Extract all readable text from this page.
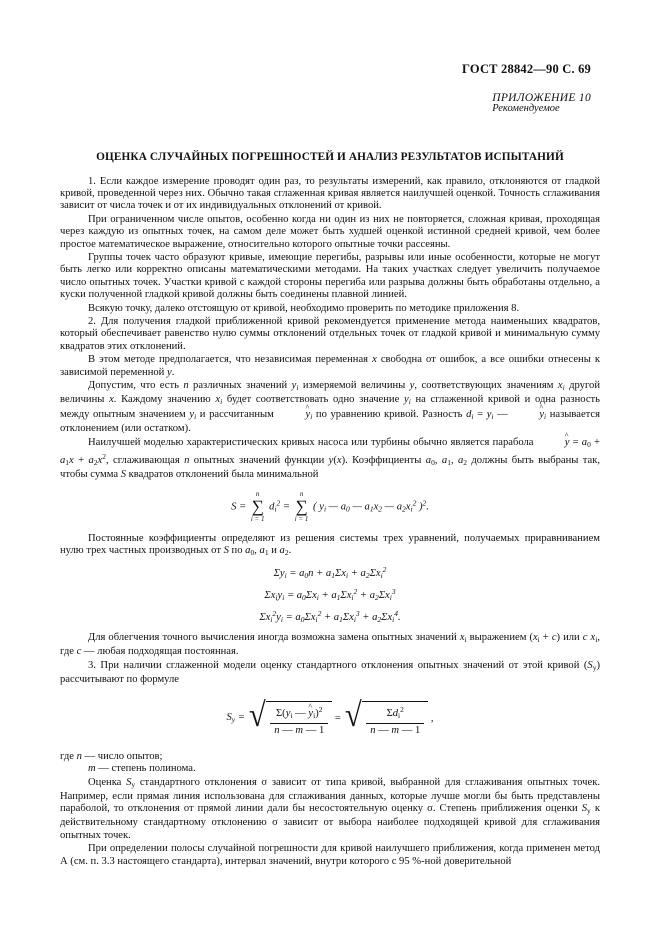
ГОСТ 28842—90 С. 69
ПРИЛОЖЕНИЕ 10
Рекомендуемое
ОЦЕНКА СЛУЧАЙНЫХ ПОГРЕШНОСТЕЙ И АНАЛИЗ РЕЗУЛЬТАТОВ ИСПЫТАНИЙ

1. Если каждое измерение проводят один раз, то результаты измерений, как правило, отклоняются от гладкой кривой, проведенной через них. Обычно такая сглаженная кривая является наилучшей оценкой. Точность сглаживания зависит от числа точек и от их индивидуальных отклонений от кривой.

При ограниченном числе опытов, особенно когда ни один из них не повторяется, сложная кривая, проходящая через каждую из опытных точек, на самом деле может быть худшей оценкой истинной средней кривой, чем более простое математическое выражение, относительно которого опытные точки рассеяны.

Группы точек часто образуют кривые, имеющие перегибы, разрывы или иные особенности, которые не могут быть легко или корректно описаны математическими методами. На таких участках следует увеличить получаемое число опытных точек. Участки кривой с каждой стороны перегиба или разрыва должны быть обработаны отдельно, а куски полученной гладкой кривой должны быть соединены плавной линией.

Всякую точку, далеко отстоящую от кривой, необходимо проверить по методике приложения 8.

2. Для получения гладкой приближенной кривой рекомендуется применение метода наименьших квадратов, который обеспечивает равенство нулю суммы отклонений отдельных точек от гладкой кривой и минимальную сумму квадратов этих отклонений.

В этом методе предполагается, что независимая переменная x свободна от ошибок, а все ошибки отнесены к зависимой переменной y.

Допустим, что есть n различных значений $y_i$ измеряемой величины y, соответствующих значениям $x_i$ другой величины x. Каждому значению $x_i$ будет соответствовать одно значение $y_i$ на сглаженной кривой и одна разность между опытным значением $y_i$ и рассчитанным	^ $y_i$ по уравнению кривой. Разность $d_i = y_i$ —	^ $y_i$ называется отклонением (или остатком).

Наилучшей моделью характеристических кривых насоса или турбины обычно является парабола	^ $y = a_0 + a_1x + a_2x^2$, сглаживающая n опытных значений функции y(x). Коэффициенты $a_0$, $a_1$, $a_2$ должны быть выбраны так, чтобы сумма S квадратов отклонений была минимальной

S =
n
∑
i = 1
$d_i^2$ =
n
∑
i = 1
( $y_i$ — $a_0$ — $a_1x_2$ — $a_2x_i^2$ )$^2$.

Постоянные коэффициенты определяют из решения системы трех уравнений, получаемых приравниванием нулю трех частных производных от S по $a_0$, $a_1$ и $a_2$.

$\Sigma y_i = a_0n + a_1\Sigma x_i + a_2\Sigma x_i^2$
$\Sigma x_iy_i = a_0\Sigma x_i + a_1\Sigma x_i^2 + a_2\Sigma x_i^3$
$\Sigma x_i^2y_i = a_0\Sigma x_i^2 + a_1\Sigma x_i^3 + a_2\Sigma x_i^4$.

Для облегчения точного вычисления иногда возможна замена опытных значений $x_i$ выражением $(x_i + c)$ или c $x_i$, где c — любая подходящая постоянная.

3. При наличии сглаженной модели оценку стандартного отклонения опытных значений от этой кривой $(S_y)$ рассчитывают по формуле

$S_y$ = √ $\frac{\Sigma(y_i — \^{} y_i)^2}{n — m — 1}$ = √ $\frac{\Sigma d_i^2}{n — m — 1}$ ,

где n — число опытов;

m — степень полинома.

Оценка $S_y$ стандартного отклонения σ зависит от типа кривой, выбранной для сглаживания опытных точек. Например, если прямая линия использована для сглаживания данных, которые лучше могли бы быть представлены параболой, то отклонения от прямой линии дали бы несостоятельную оценку σ. Степень приближения оценки $S_y$ к действительному стандартному отклонению σ зависит от выбора наиболее подходящей кривой для сглаживания опытных точек.

При определении полосы случайной погрешности для кривой наилучшего приближения, когда применен метод А (см. п. 3.3 настоящего стандарта), интервал значений, внутри которого с 95 %-ной доверительной
